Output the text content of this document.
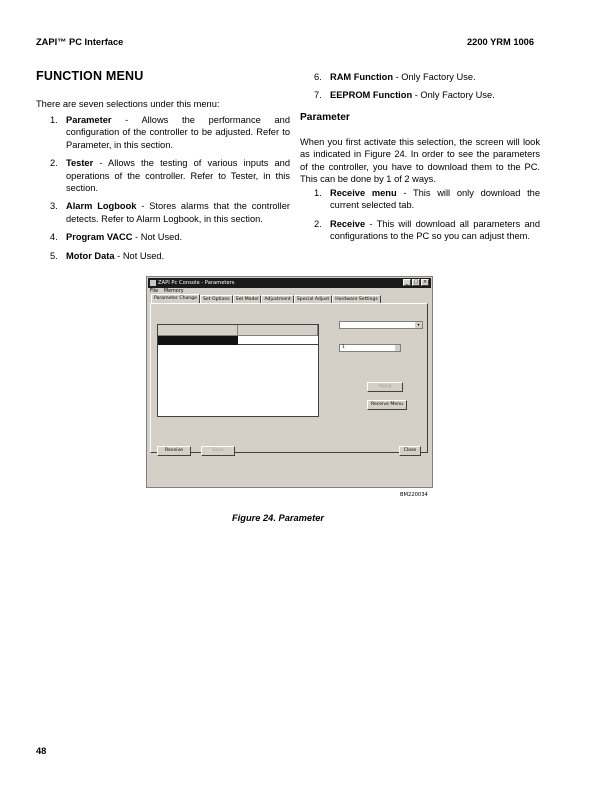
ZAPI™ PC Interface	2200 YRM 1006
FUNCTION MENU
There are seven selections under this menu:
1. Parameter - Allows the performance and configuration of the controller to be adjusted. Refer to Parameter, in this section.
2. Tester - Allows the testing of various inputs and operations of the controller. Refer to Tester, in this section.
3. Alarm Logbook - Stores alarms that the controller detects. Refer to Alarm Logbook, in this section.
4. Program VACC - Not Used.
5. Motor Data - Not Used.
6. RAM Function - Only Factory Use.
7. EEPROM Function - Only Factory Use.
Parameter
When you first activate this selection, the screen will look as indicated in Figure 24. In order to see the parameters of the controller, you have to download them to the PC. This can be done by 1 of 2 ways.
1. Receive menu - This will only download the current selected tab.
2. Receive - This will download all parameters and configurations to the PC so you can adjust them.
ZAPI Pc Console - Parameters	_	□ ×
File Memory
Parameter Change	Set Options	Set Model	Adjustment	Special Adjust	Hardware Settings
▾
1
Apply
Receive Menu
Receive	Save	Close
BM220034
Figure 24. Parameter
48
